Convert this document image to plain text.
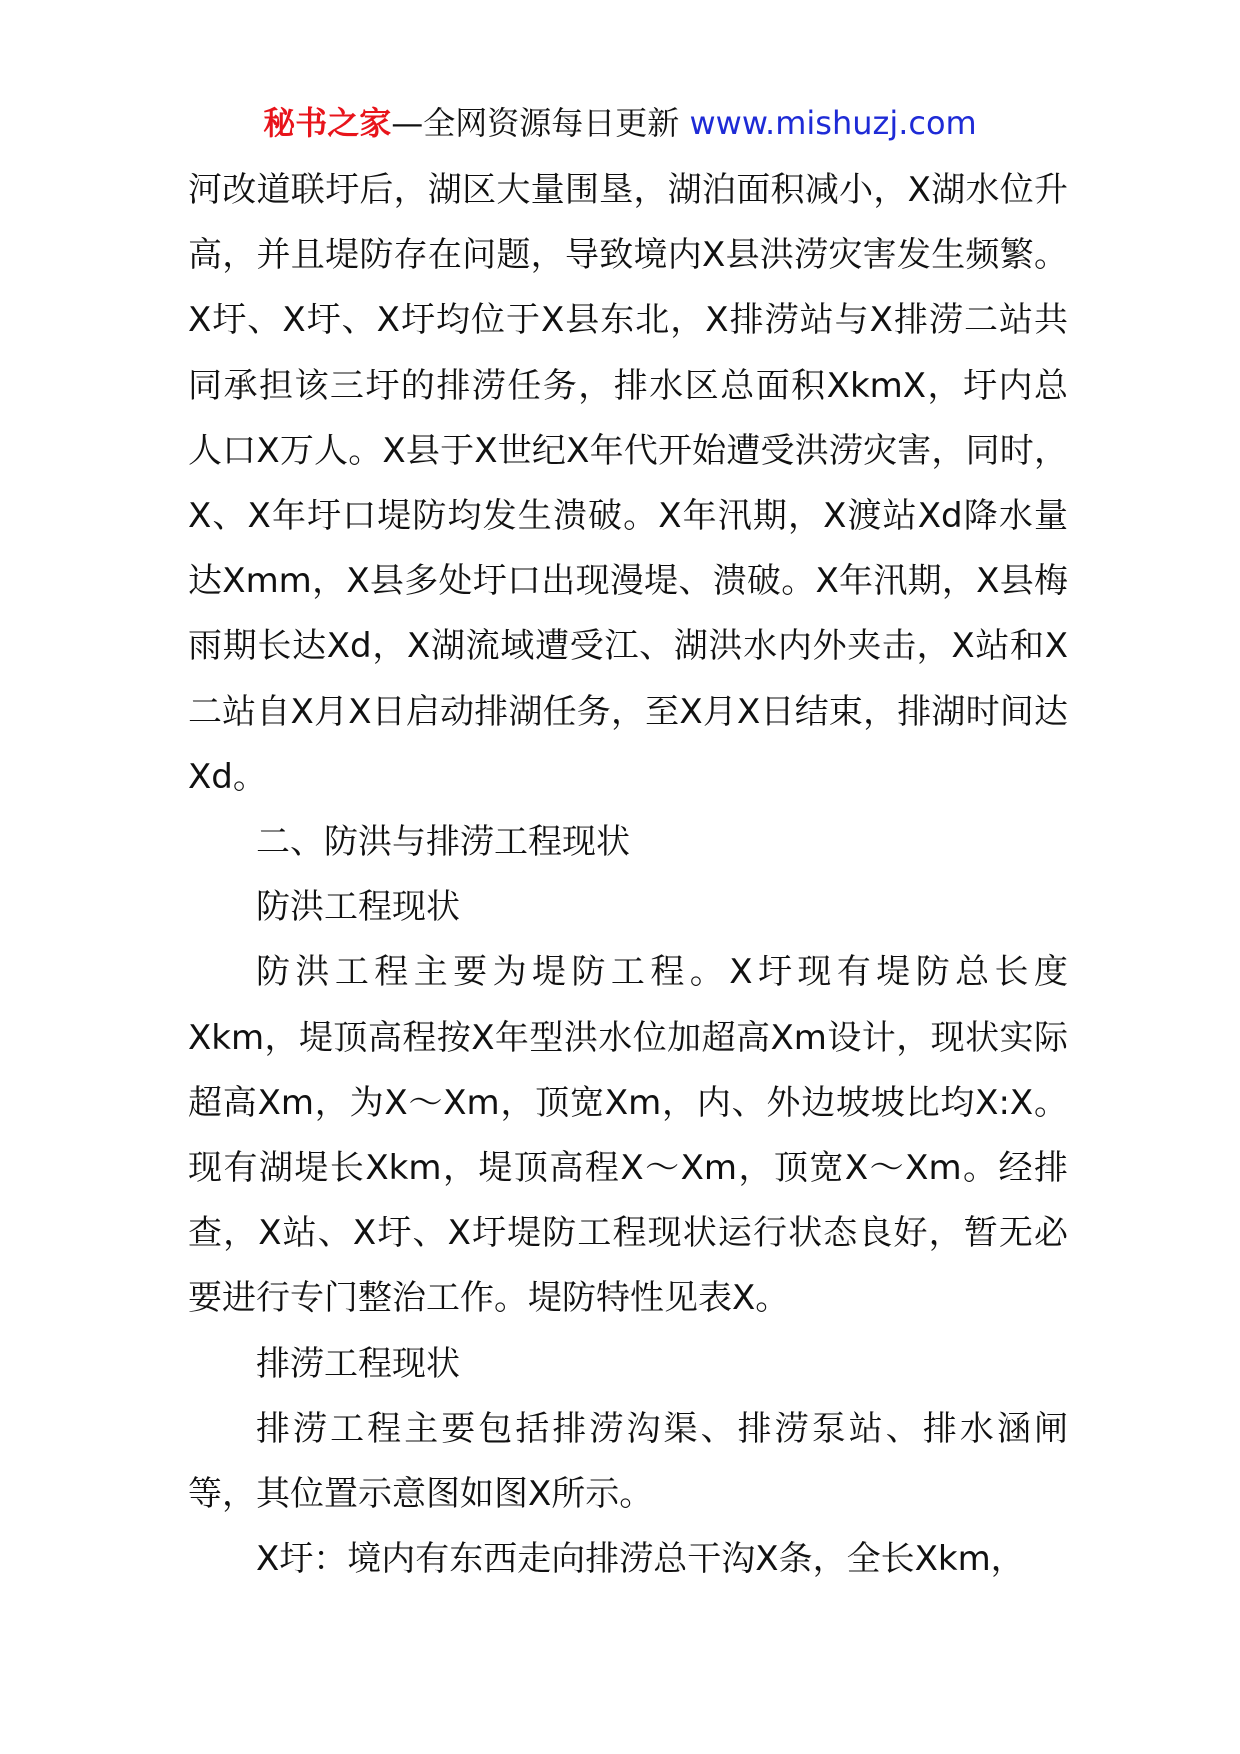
秘书之家—全网资源每日更新 www.mishuzj.com

河改道联圩后，湖区大量围垦，湖泊面积减小，X湖水位升高，并且堤防存在问题，导致境内X县洪涝灾害发生频繁。X圩、X圩、X圩均位于X县东北，X排涝站与X排涝二站共同承担该三圩的排涝任务，排水区总面积XkmX，圩内总人口X万人。X县于X世纪X年代开始遭受洪涝灾害，同时，X、X年圩口堤防均发生溃破。X年汛期，X渡站Xd降水量达Xmm，X县多处圩口出现漫堤、溃破。X年汛期，X县梅雨期长达Xd，X湖流域遭受江、湖洪水内外夹击，X站和X二站自X月X日启动排湖任务，至X月X日结束，排湖时间达Xd。

二、防洪与排涝工程现状

防洪工程现状

防洪工程主要为堤防工程。X圩现有堤防总长度Xkm，堤顶高程按X年型洪水位加超高Xm设计，现状实际超高Xm，为X～Xm，顶宽Xm，内、外边坡坡比均X:X。现有湖堤长Xkm，堤顶高程X～Xm，顶宽X～Xm。经排查，X站、X圩、X圩堤防工程现状运行状态良好，暂无必要进行专门整治工作。堤防特性见表X。

排涝工程现状

排涝工程主要包括排涝沟渠、排涝泵站、排水涵闸等，其位置示意图如图X所示。

X圩：境内有东西走向排涝总干沟X条，全长Xkm，
